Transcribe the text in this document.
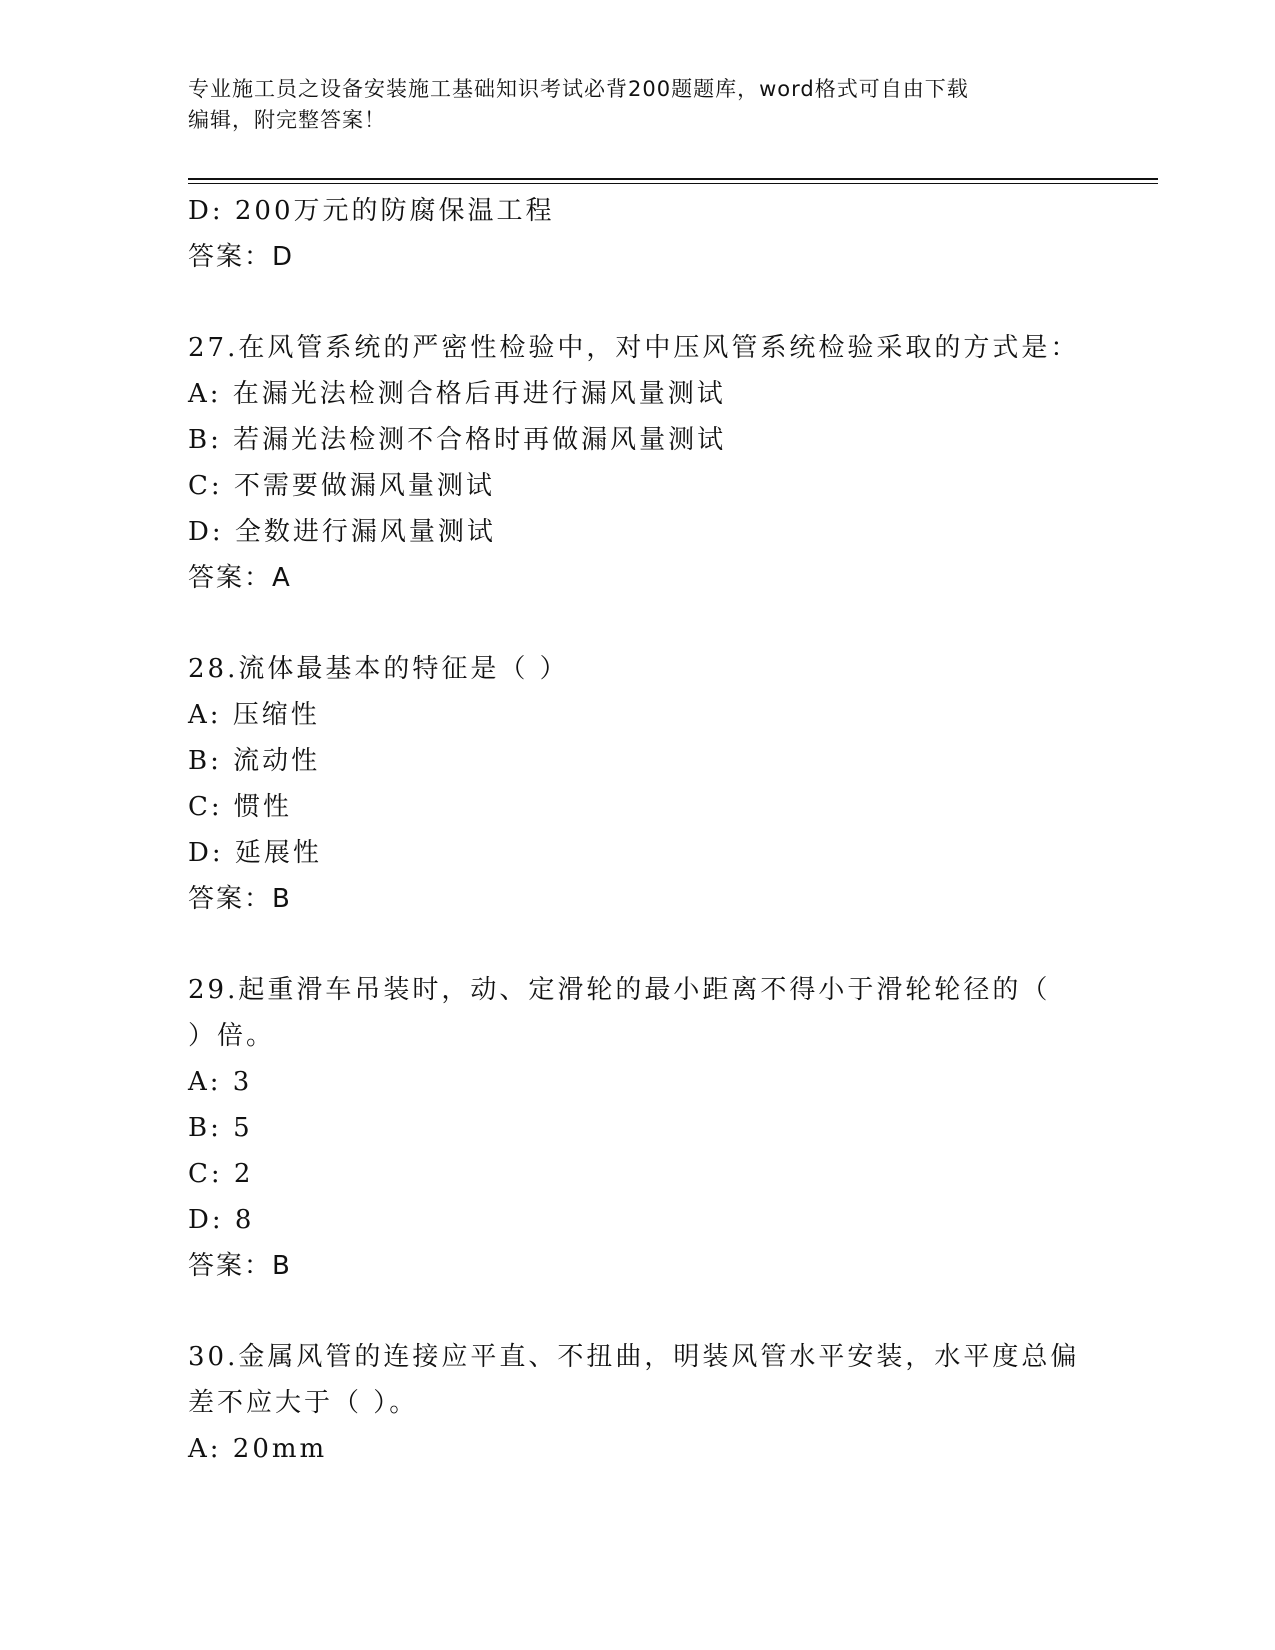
专业施工员之设备安装施工基础知识考试必背200题题库，word格式可自由下载
编辑，附完整答案！
D: 200万元的防腐保温工程
答案：D
27.在风管系统的严密性检验中，对中压风管系统检验采取的方式是：
A: 在漏光法检测合格后再进行漏风量测试
B: 若漏光法检测不合格时再做漏风量测试
C: 不需要做漏风量测试
D: 全数进行漏风量测试
答案：A
28.流体最基本的特征是（ ）
A: 压缩性
B: 流动性
C: 惯性
D: 延展性
答案：B
29.起重滑车吊装时，动、定滑轮的最小距离不得小于滑轮轮径的（
）倍。
A: 3
B: 5
C: 2
D: 8
答案：B
30.金属风管的连接应平直、不扭曲，明装风管水平安装，水平度总偏
差不应大于（ ）。
A: 20mm
